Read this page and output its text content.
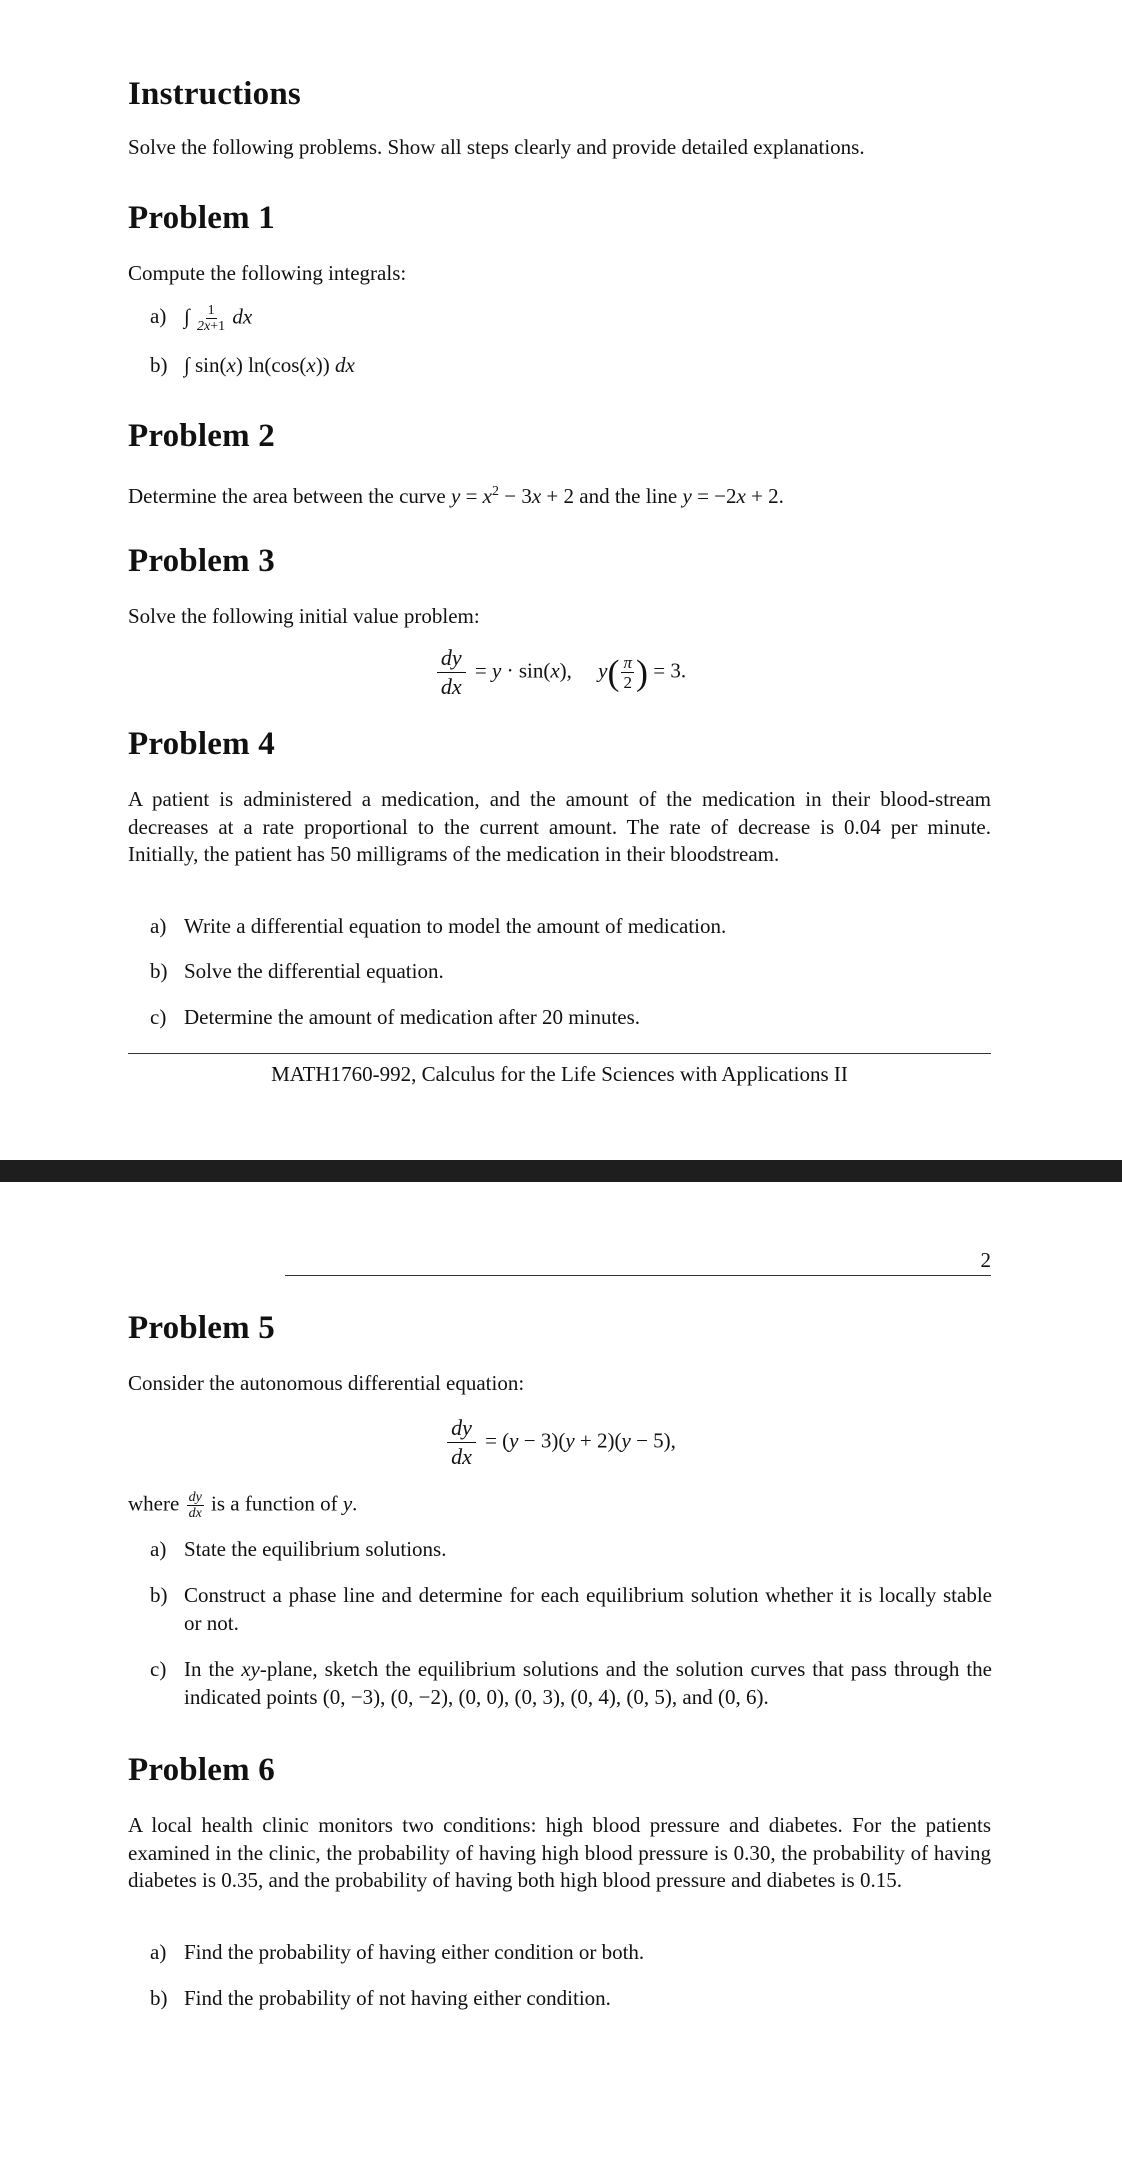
Instructions

Solve the following problems. Show all steps clearly and provide detailed explanations.

Problem 1

Compute the following integrals:

a) ∫ $\frac{1}{2x+1}$ dx
b) ∫ sin(x) ln(cos(x)) dx
Problem 2

Determine the area between the curve $y = x^2 - 3x + 2$ and the line y = −2x + 2.

Problem 3

Solve the following initial value problem:

$\frac{dy}{dx} = y \cdot \sin(x)$,     $y( \frac{\pi}{2}$ ) = 3.
Problem 4

A patient is administered a medication, and the amount of the medication in their blood-stream decreases at a rate proportional to the current amount. The rate of decrease is 0.04 per minute. Initially, the patient has 50 milligrams of the medication in their bloodstream.

a) Write a differential equation to model the amount of medication.
b) Solve the differential equation.
c) Determine the amount of medication after 20 minutes.
MATH1760-992, Calculus for the Life Sciences with Applications II
2
Problem 5

Consider the autonomous differential equation:

$\frac{dy}{dx} = (y - 3)(y + 2)(y - 5)$,

where $\frac{dy}{dx}$ is a function of y.

a) State the equilibrium solutions.
b) Construct a phase line and determine for each equilibrium solution whether it is locally stable or not.
c) In the xy-plane, sketch the equilibrium solutions and the solution curves that pass through the indicated points (0, −3), (0, −2), (0, 0), (0, 3), (0, 4), (0, 5), and (0, 6).
Problem 6

A local health clinic monitors two conditions: high blood pressure and diabetes. For the patients examined in the clinic, the probability of having high blood pressure is 0.30, the probability of having diabetes is 0.35, and the probability of having both high blood pressure and diabetes is 0.15.

a) Find the probability of having either condition or both.
b) Find the probability of not having either condition.
